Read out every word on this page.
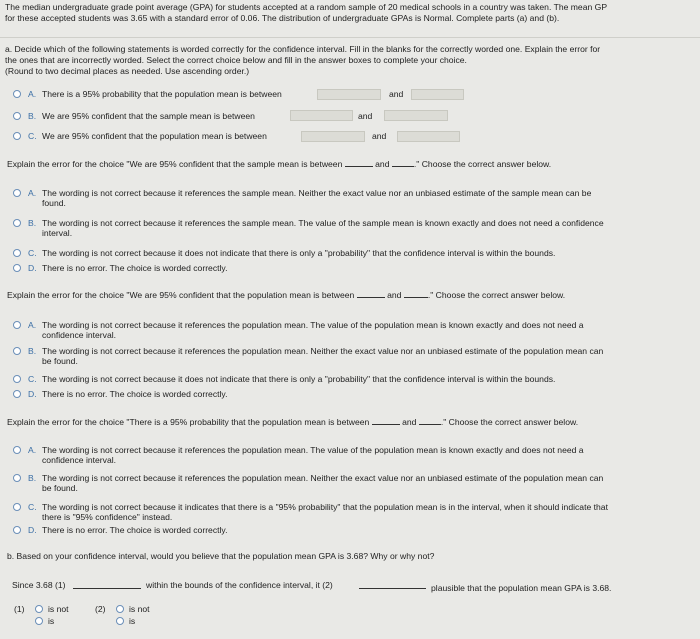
The median undergraduate grade point average (GPA) for students accepted at a random sample of 20 medical schools in a country was taken. The mean GP
for these accepted students was 3.65 with a standard error of 0.06. The distribution of undergraduate GPAs is Normal. Complete parts (a) and (b).
a. Decide which of the following statements is worded correctly for the confidence interval. Fill in the blanks for the correctly worded one. Explain the error for
the ones that are incorrectly worded. Select the correct choice below and fill in the answer boxes to complete your choice.
(Round to two decimal places as needed. Use ascending order.)
A. There is a 95% probability that the population mean is between	and
B. We are 95% confident that the sample mean is between	and
C. We are 95% confident that the population mean is between	and
Explain the error for the choice "We are 95% confident that the sample mean is between	and	." Choose the correct answer below.
A. The wording is not correct because it references the sample mean. Neither the exact value nor an unbiased estimate of the sample mean can be
found.
B. The wording is not correct because it references the sample mean. The value of the sample mean is known exactly and does not need a confidence
interval.
C. The wording is not correct because it does not indicate that there is only a "probability" that the confidence interval is within the bounds.
D. There is no error. The choice is worded correctly.
Explain the error for the choice "We are 95% confident that the population mean is between	and	." Choose the correct answer below.
A. The wording is not correct because it references the population mean. The value of the population mean is known exactly and does not need a
confidence interval.
B. The wording is not correct because it references the population mean. Neither the exact value nor an unbiased estimate of the population mean can
be found.
C. The wording is not correct because it does not indicate that there is only a "probability" that the confidence interval is within the bounds.
D. There is no error. The choice is worded correctly.
Explain the error for the choice "There is a 95% probability that the population mean is between	and	." Choose the correct answer below.
A. The wording is not correct because it references the population mean. The value of the population mean is known exactly and does not need a
confidence interval.
B. The wording is not correct because it references the population mean. Neither the exact value nor an unbiased estimate of the population mean can
be found.
C. The wording is not correct because it indicates that there is a "95% probability" that the population mean is in the interval, when it should indicate that
there is "95% confidence" instead.
D. There is no error. The choice is worded correctly.
b. Based on your confidence interval, would you believe that the population mean GPA is 3.68? Why or why not?
Since 3.68 (1)	within the bounds of the confidence interval, it (2)	plausible that the population mean GPA is 3.68.
(1)	is not
is
(2)	is not
is
